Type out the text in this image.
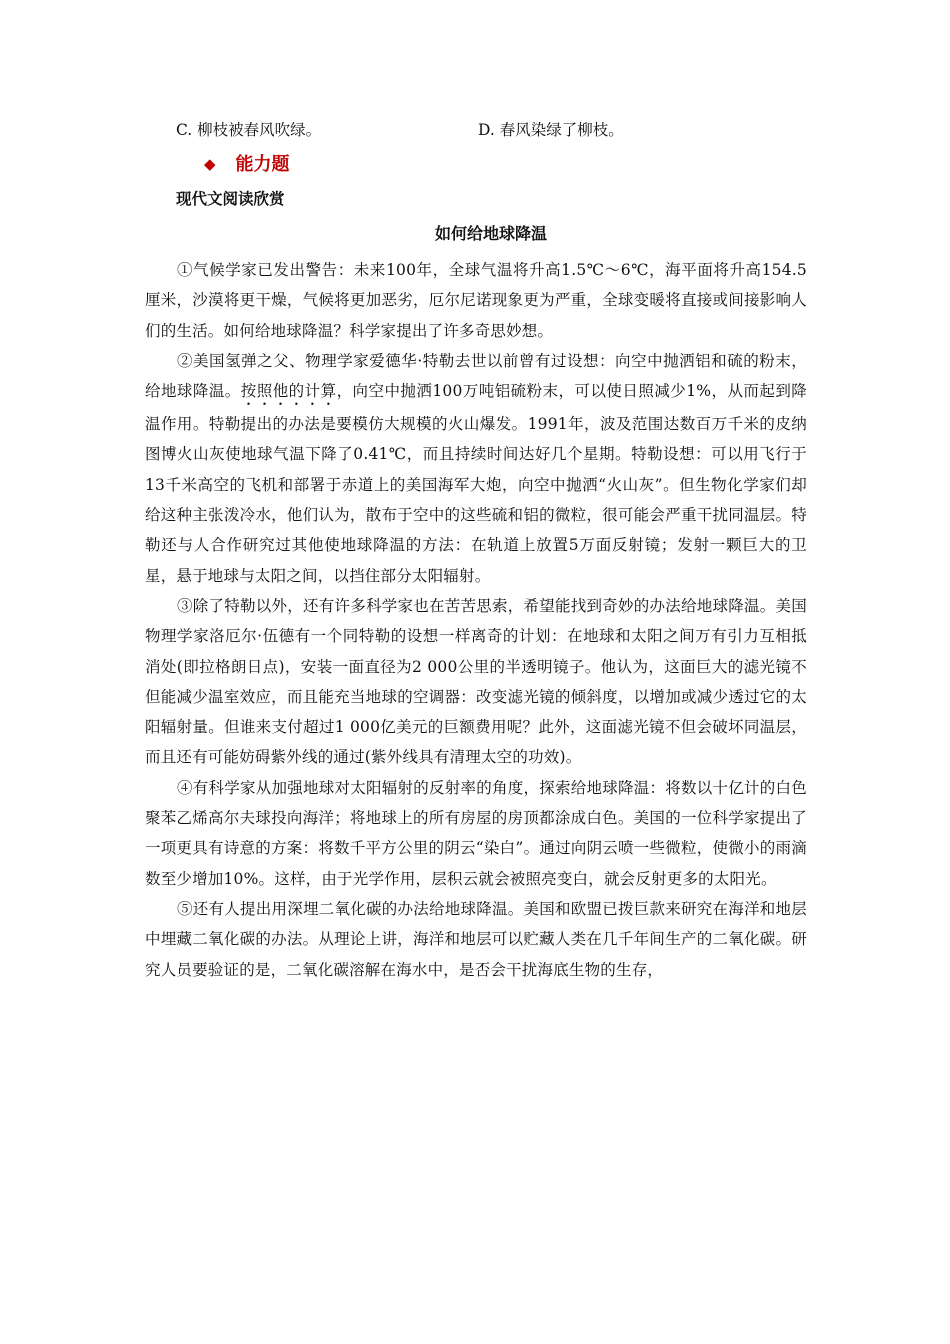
C. 柳枝被春风吹绿。	D. 春风染绿了柳枝。
◆ 能力题
现代文阅读欣赏
如何给地球降温

①气候学家已发出警告：未来100年，全球气温将升高1.5℃～6℃，海平面将升高154.5厘米，沙漠将更干燥，气候将更加恶劣，厄尔尼诺现象更为严重，全球变暖将直接或间接影响人们的生活。如何给地球降温？科学家提出了许多奇思妙想。

②美国氢弹之父、物理学家爱德华·特勒去世以前曾有过设想：向空中抛洒铝和硫的粉末，给地球降温。按照他的计算，向空中抛洒100万吨铝硫粉末，可以使日照减少1%，从而起到降温作用。特勒提出的办法是要模仿大规模的火山爆发。1991年，波及范围达数百万千米的皮纳图博火山灰使地球气温下降了0.41℃，而且持续时间达好几个星期。特勒设想：可以用飞行于13千米高空的飞机和部署于赤道上的美国海军大炮，向空中抛洒“火山灰”。但生物化学家们却给这种主张泼冷水，他们认为，散布于空中的这些硫和铝的微粒，很可能会严重干扰同温层。特勒还与人合作研究过其他使地球降温的方法：在轨道上放置5万面反射镜；发射一颗巨大的卫星，悬于地球与太阳之间，以挡住部分太阳辐射。

③除了特勒以外，还有许多科学家也在苦苦思索，希望能找到奇妙的办法给地球降温。美国物理学家洛厄尔·伍德有一个同特勒的设想一样离奇的计划：在地球和太阳之间万有引力互相抵消处(即拉格朗日点)，安装一面直径为2 000公里的半透明镜子。他认为，这面巨大的滤光镜不但能减少温室效应，而且能充当地球的空调器：改变滤光镜的倾斜度，以增加或减少透过它的太阳辐射量。但谁来支付超过1 000亿美元的巨额费用呢？此外，这面滤光镜不但会破坏同温层，而且还有可能妨碍紫外线的通过(紫外线具有清理太空的功效)。

④有科学家从加强地球对太阳辐射的反射率的角度，探索给地球降温：将数以十亿计的白色聚苯乙烯高尔夫球投向海洋；将地球上的所有房屋的房顶都涂成白色。美国的一位科学家提出了一项更具有诗意的方案：将数千平方公里的阴云“染白”。通过向阴云喷一些微粒，使微小的雨滴数至少增加10%。这样，由于光学作用，层积云就会被照亮变白，就会反射更多的太阳光。

⑤还有人提出用深埋二氧化碳的办法给地球降温。美国和欧盟已拨巨款来研究在海洋和地层中埋藏二氧化碳的办法。从理论上讲，海洋和地层可以贮藏人类在几千年间生产的二氧化碳。研究人员要验证的是，二氧化碳溶解在海水中，是否会干扰海底生物的生存，
